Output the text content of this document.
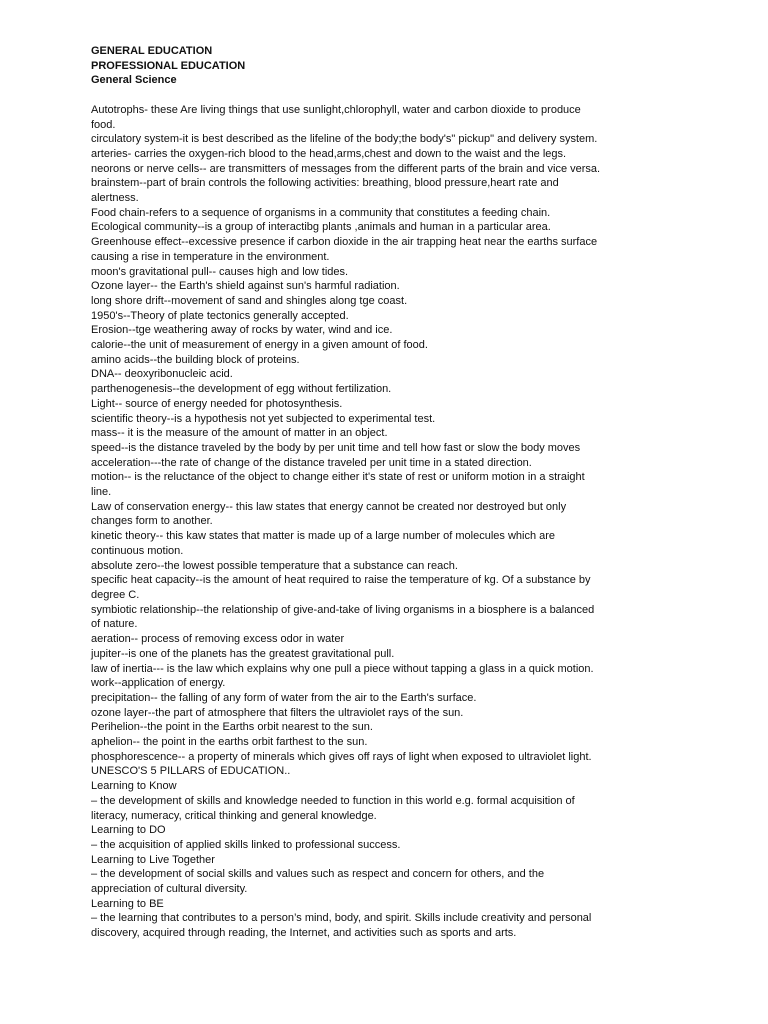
GENERAL EDUCATION
PROFESSIONAL EDUCATION
General Science
Autotrophs- these Are living things that use sunlight,chlorophyll, water and carbon dioxide to produce
food.
circulatory system-it is best described as the lifeline of the body;the body's" pickup" and delivery system.
arteries- carries the oxygen-rich blood to the head,arms,chest and down to the waist and the legs.
neorons or nerve cells-- are transmitters of messages from the different parts of the brain and vice versa.
brainstem--part of brain controls the following activities: breathing, blood pressure,heart rate and
alertness.
Food chain-refers to a sequence of organisms in a community that constitutes a feeding chain.
Ecological community--is a group of interactibg plants ,animals and human in a particular area.
Greenhouse effect--excessive presence if carbon dioxide in the air trapping heat near the earths surface
causing a rise in temperature in the environment.
moon's gravitational pull-- causes high and low tides.
Ozone layer-- the Earth's shield against sun's harmful radiation.
long shore drift--movement of sand and shingles along tge coast.
1950's--Theory of plate tectonics generally accepted.
Erosion--tge weathering away of rocks by water, wind and ice.
calorie--the unit of measurement of energy in a given amount of food.
amino acids--the building block of proteins.
DNA-- deoxyribonucleic acid.
parthenogenesis--the development of egg without fertilization.
Light-- source of energy needed for photosynthesis.
scientific theory--is a hypothesis not yet subjected to experimental test.
mass-- it is the measure of the amount of matter in an object.
speed--is the distance traveled by the body by per unit time and tell how fast or slow the body moves
acceleration---the rate of change of the distance traveled per unit time in a stated direction.
motion-- is the reluctance of the object to change either it's state of rest or uniform motion in a straight
line.
Law of conservation energy-- this law states that energy cannot be created nor destroyed but only
changes form to another.
kinetic theory-- this kaw states that matter is made up of a large number of molecules which are
continuous motion.
absolute zero--the lowest possible temperature that a substance can reach.
specific heat capacity--is the amount of heat required to raise the temperature of kg. Of a substance by
degree C.
symbiotic relationship--the relationship of give-and-take of living organisms in a biosphere is a balanced
of nature.
aeration-- process of removing excess odor in water
jupiter--is one of the planets has the greatest gravitational pull.
law of inertia--- is the law which explains why one pull a piece without tapping a glass in a quick motion.
work--application of energy.
precipitation-- the falling of any form of water from the air to the Earth's surface.
ozone layer--the part of atmosphere that filters the ultraviolet rays of the sun.
Perihelion--the point in the Earths orbit nearest to the sun.
aphelion-- the point in the earths orbit farthest to the sun.
phosphorescence-- a property of minerals which gives off rays of light when exposed to ultraviolet light.
UNESCO'S 5 PILLARS of EDUCATION..
Learning to Know
– the development of skills and knowledge needed to function in this world e.g. formal acquisition of
literacy, numeracy, critical thinking and general knowledge.
Learning to DO
– the acquisition of applied skills linked to professional success.
Learning to Live Together
– the development of social skills and values such as respect and concern for others, and the
appreciation of cultural diversity.
Learning to BE
– the learning that contributes to a person’s mind, body, and spirit. Skills include creativity and personal
discovery, acquired through reading, the Internet, and activities such as sports and arts.
